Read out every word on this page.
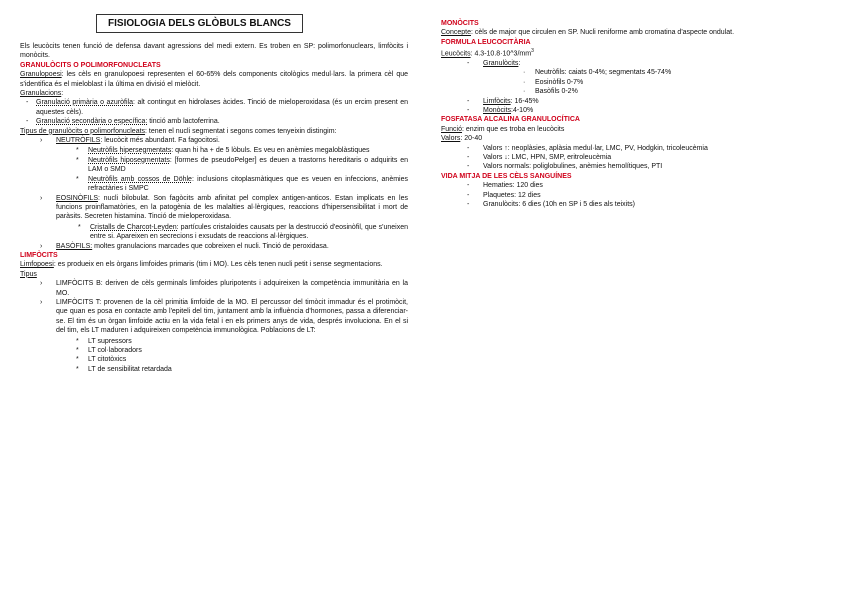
FISIOLOGIA DELS GLÒBULS BLANCS

Els leucòcits tenen funció de defensa davant agressions del medi extern. Es troben en SP: polimorfonuclears, limfòcits i monòcits.

GRANULÒCITS O POLIMORFONUCLEATS

Granulopoesi: les cèls en granulopoesi representen el 60-65% dels components citològics medul·lars. la primera cèl que s'identifica és el mieloblast i la última en divisió el mielòcit.

Granulacions:

- Granulació primària o azuròfila: alt contingut en hidrolases àcides. Tinció de mieloperoxidasa (és un ercim present en aquestes cèls).
- Granulació secondària o específica: tinció amb lactoferrina.

Tipus de granulòcits o polimorfonucleats: tenen el nucli segmentat i segons comes tenyeixin distingim:

› NEUTRÒFILS: leucòcit més abundant. Fa fagocitosi.
* Neutròfils hipersegmentats: quan hi ha + de 5 lòbuls. Es veu en anèmies megaloblàstiques
* Neutròfils hiposegmentats: [formes de pseudoPelger] es deuen a trastorns hereditaris o adquirits en LAM o SMD
* Neutròfils amb cossos de Döhle: inclusions citoplasmàtiques que es veuen en infeccions, anèmies refractàries i SMPC
› EOSINÒFILS: nucli bilobulat. Son fagòcits amb afinitat pel complex antigen-anticos. Estan implicats en les funcions proinflamatòries, en la patogènia de les malalties al·lèrgiques, reaccions d'hipersensibilitat i mort de paràsits. Secreten histamina. Tinció de mieloperoxidasa.
* Cristalls de Charcot-Leyden: partícules cristaloides causats per la destrucció d'eosinòfil, que s'uneixen entre si. Apareixen en secrecions i exsudats de reaccions al·lèrgiques.
› BASÒFILS: moltes granulacions marcades que cobreixen el nucli. Tinció de peroxidasa.
LIMFÒCITS

Limfopoesi: es produeix en els òrgans limfoides primaris (tim i MO). Les cèls tenen nucli petit i sense segmentacions.

Tipus

› LIMFÒCITS B: deriven de cèls germinals limfoides pluripotents i adquireixen la competència immunitària en la MO.
› LIMFÒCITS T: provenen de la cèl primitia limfoide de la MO. El percussor del timòcit immadur és el protimòcit, que quan es posa en contacte amb l'epiteli del tim, juntament amb la influència d'hormones, passa a diferenciar-se. El tim és un òrgan limfoide actiu en la vida fetal i en els primers anys de vida, després involuciona. En el si del tim, els LT maduren i adquireixen competència immunològica. Poblacions de LT:
* LT supressors
* LT col·laboradors
* LT citotòxics
* LT de sensibilitat retardada
MONÒCITS

Concepte: cèls de major que circulen en SP. Nucli reniforme amb cromatina d'aspecte ondulat.

FORMULA LEUCOCITÀRIA

Leucòcits: $4.3-10.8\cdot 10\^{}3/mm^3$

- Granulòcits:
· Neutròfils: caiats 0-4%; segmentats 45-74%
· Eosinòfils 0-7%
· Basòfils 0-2%
- Limfòcits: 16-45%
- Monòcits:4-10%
FOSFATASA ALCALINA GRANULOCÍTICA

Funció: enzim que es troba en leucòcits

Valors: 20-40

- Valors ↑: neoplàsies, aplàsia medul·lar, LMC, PV, Hodgkin, tricoleucèmia
- Valors ↓: LMC, HPN, SMP, eritroleucèmia
- Valors normals: poliglobulines, anèmies hemolítiques, PTI
VIDA MITJA DE LES CÈLS SANGUÍNES
- Hematies: 120 dies
- Plaquetes: 12 dies
- Granulòcits: 6 dies (10h en SP i 5 dies als teixits)
